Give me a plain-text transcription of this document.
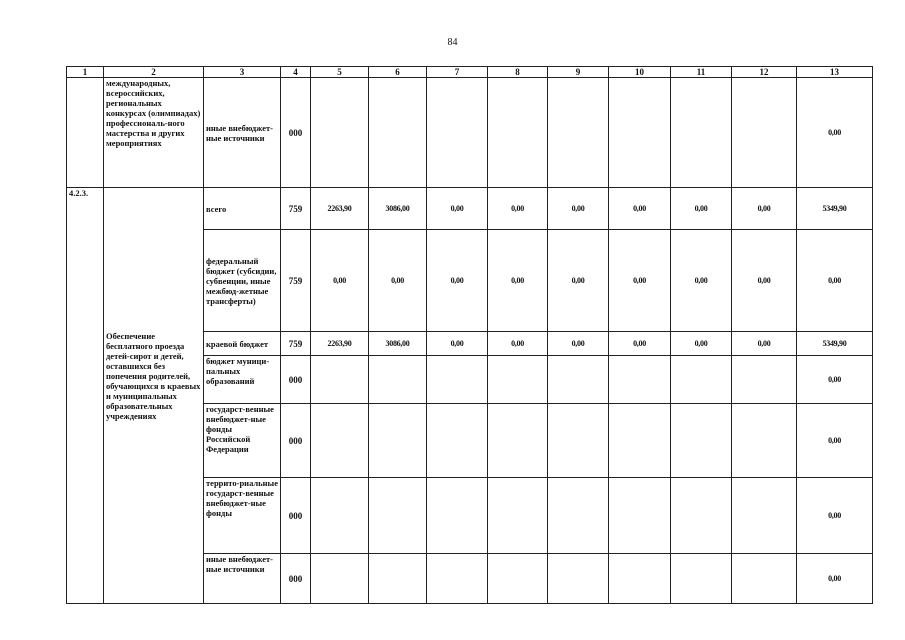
84
1	2	3	4	5	6	7	8	9	10	11	12	13
	международных, всероссийских, региональных конкурсах (олимпиадах) профессиональ-ного мастерства и других мероприятиях	иные внебюджет-ные источники	000									0,00
4.2.3.	Обеспечение бесплатного проезда детей-сирот и детей, оставшихся без попечения родителей, обучающихся в краевых и муниципальных образовательных учреждениях	всего	759	2263,90	3086,00	0,00	0,00	0,00	0,00	0,00	0,00	5349,90
		федеральный бюджет (субсидии, субвенции, иные межбюд-жетные трансферты)	759	0,00	0,00	0,00	0,00	0,00	0,00	0,00	0,00	0,00
		краевой бюджет	759	2263,90	3086,00	0,00	0,00	0,00	0,00	0,00	0,00	5349,90
		бюджет муници-пальных образований	000									0,00
		государст-венные внебюджет-ные фонды Российской Федерации	000									0,00
		террито-риальные государст-венные внебюджет-ные фонды	000									0,00
		иные внебюджет-ные источники	000									0,00
